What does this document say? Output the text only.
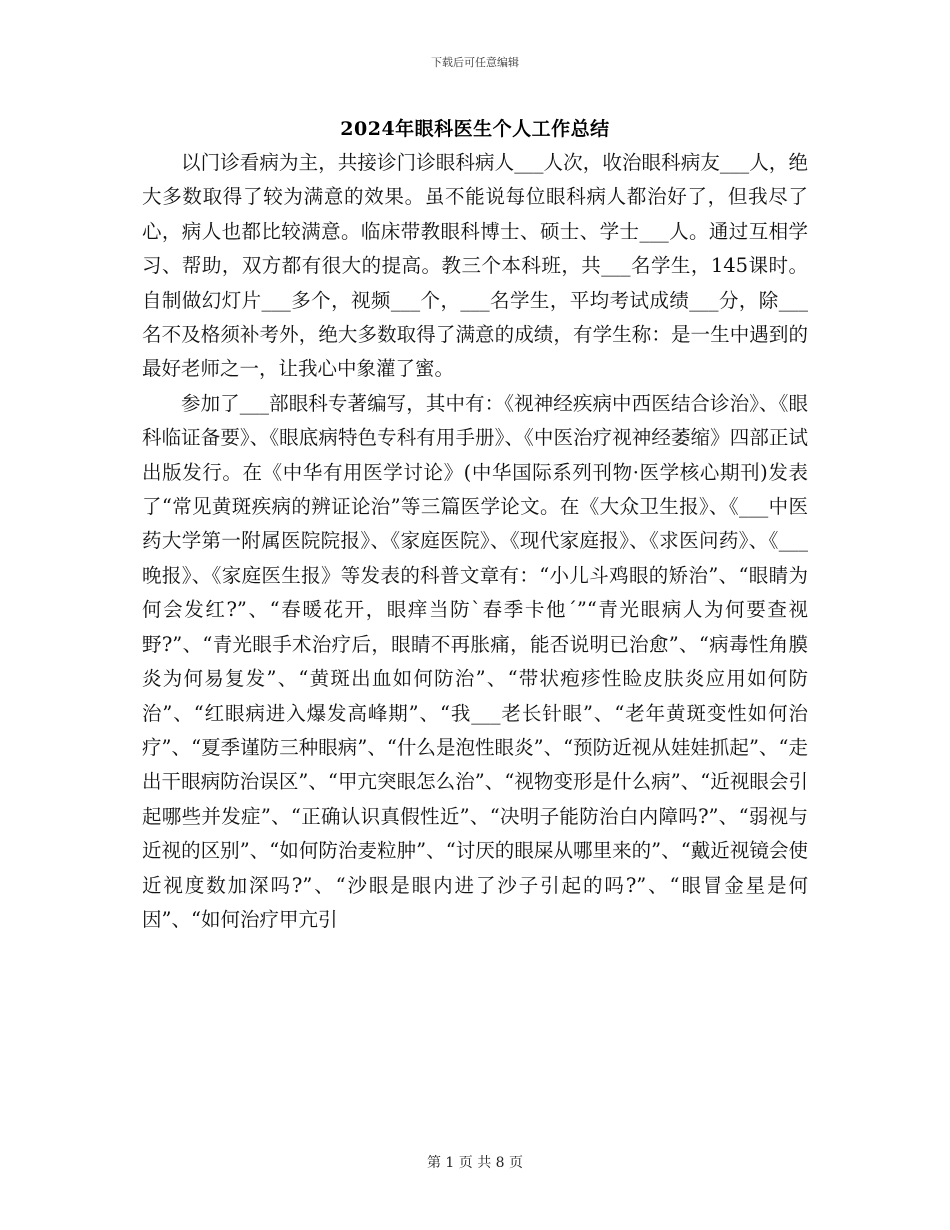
下载后可任意编辑
2024年眼科医生个人工作总结

以门诊看病为主，共接诊门诊眼科病人___人次，收治眼科病友___人，绝大多数取得了较为满意的效果。虽不能说每位眼科病人都治好了，但我尽了心，病人也都比较满意。临床带教眼科博士、硕士、学士___人。通过互相学习、帮助，双方都有很大的提高。教三个本科班，共___名学生，145课时。自制做幻灯片___多个，视频___个，___名学生，平均考试成绩___分，除___名不及格须补考外，绝大多数取得了满意的成绩，有学生称：是一生中遇到的最好老师之一，让我心中象灌了蜜。

参加了___部眼科专著编写，其中有：《视神经疾病中西医结合诊治》、《眼科临证备要》、《眼底病特色专科有用手册》、《中医治疗视神经萎缩》四部正试出版发行。在《中华有用医学讨论》(中华国际系列刊物·医学核心期刊)发表了“常见黄斑疾病的辨证论治”等三篇医学论文。在《大众卫生报》、《___中医药大学第一附属医院院报》、《家庭医院》、《现代家庭报》、《求医问药》、《___晚报》、《家庭医生报》等发表的科普文章有：“小儿斗鸡眼的矫治”、“眼睛为何会发红?”、“春暖花开，眼痒当防`春季卡他´”“青光眼病人为何要查视野?”、“青光眼手术治疗后，眼睛不再胀痛，能否说明已治愈”、“病毒性角膜炎为何易复发”、“黄斑出血如何防治”、“带状疱疹性睑皮肤炎应用如何防治”、“红眼病进入爆发高峰期”、“我___老长针眼”、“老年黄斑变性如何治疗”、“夏季谨防三种眼病”、“什么是泡性眼炎”、“预防近视从娃娃抓起”、“走出干眼病防治误区”、“甲亢突眼怎么治”、“视物变形是什么病”、“近视眼会引起哪些并发症”、“正确认识真假性近”、“决明子能防治白内障吗?”、“弱视与近视的区别”、“如何防治麦粒肿”、“讨厌的眼屎从哪里来的”、“戴近视镜会使近视度数加深吗?”、“沙眼是眼内进了沙子引起的吗?”、“眼冒金星是何因”、“如何治疗甲亢引

第 1 页 共 8 页
